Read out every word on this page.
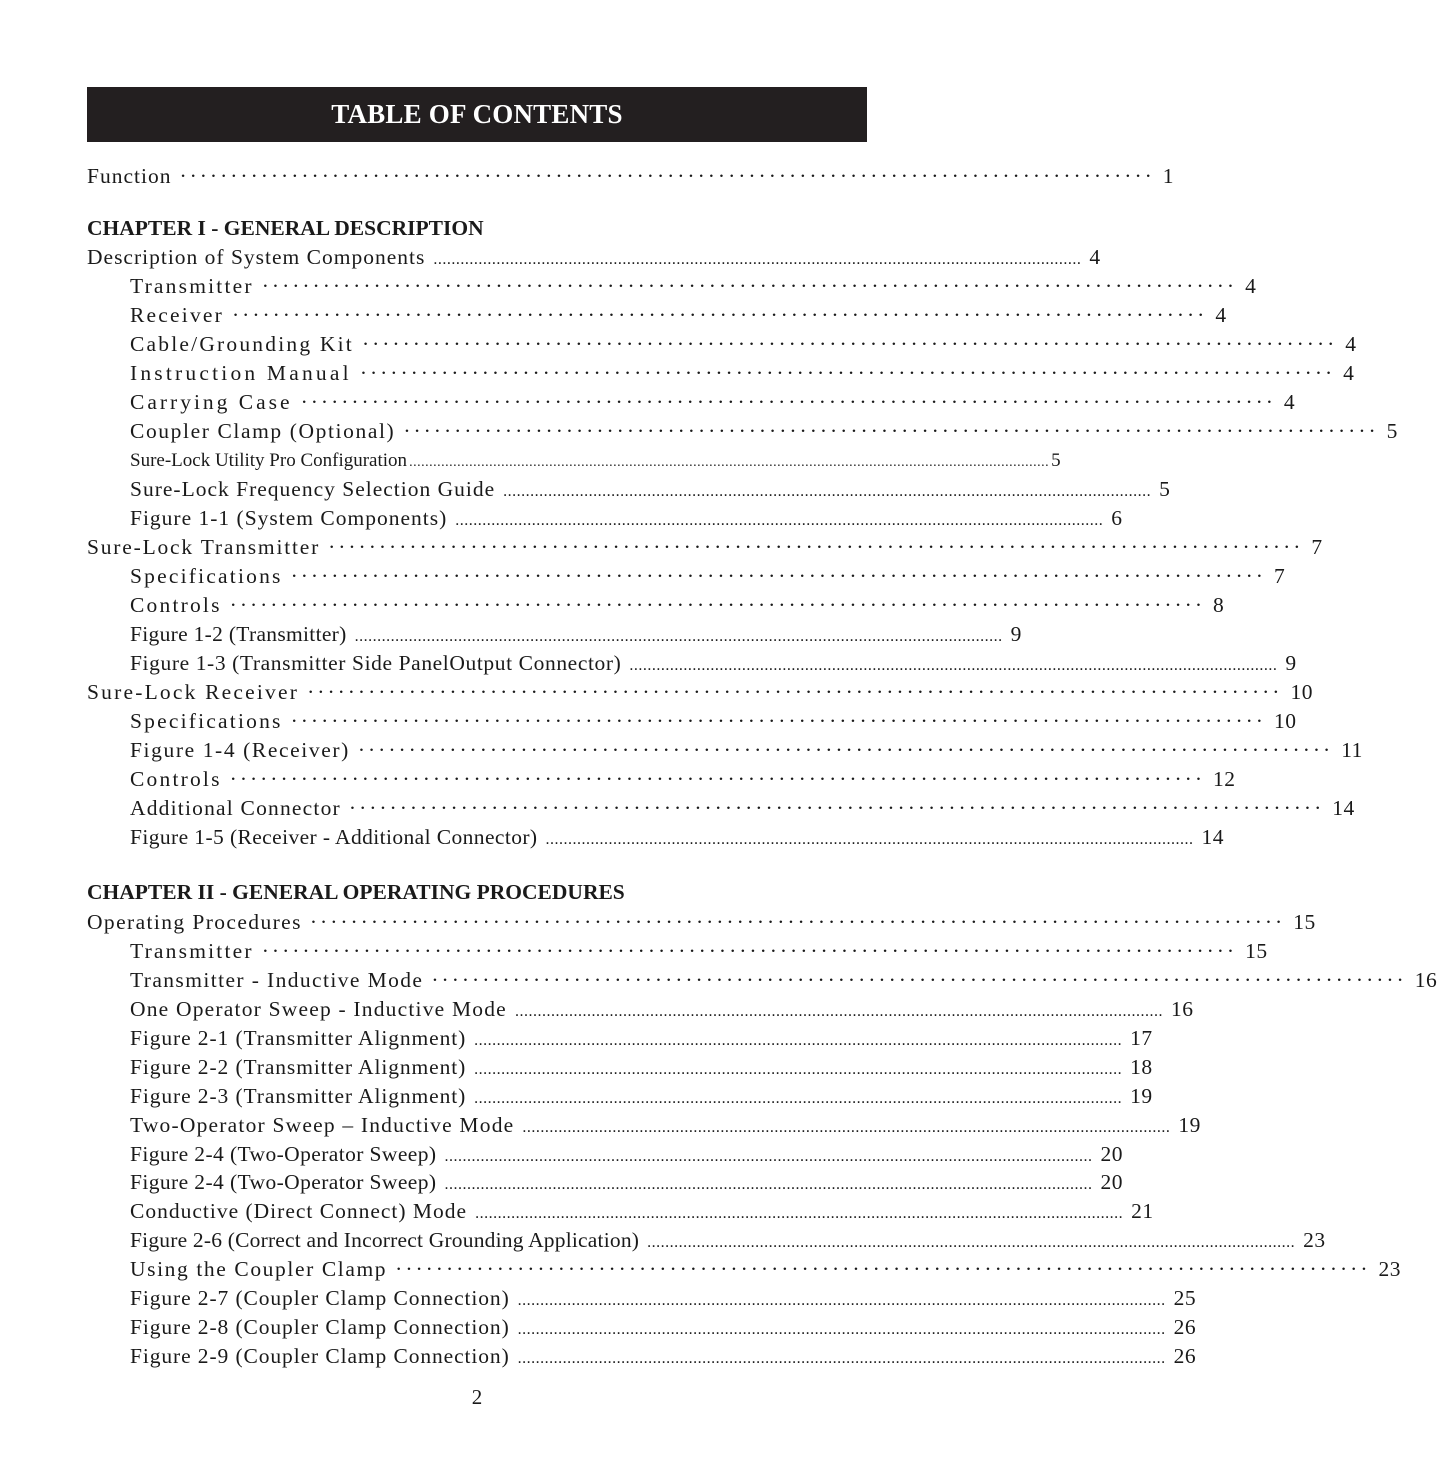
TABLE OF CONTENTS
Function ································································································ 1
CHAPTER I - GENERAL DESCRIPTION
Description of System Components ................................................................................................................................................ 4
Transmitter ································································································ 4
Receiver ································································································ 4
Cable/Grounding Kit ································································································ 4
Instruction Manual ································································································ 4
Carrying Case ································································································ 4
Coupler Clamp (Optional) ································································································ 5
Sure-Lock Utility Pro Configuration ................................................................................................................................................................ 5
Sure-Lock Frequency Selection Guide ................................................................................................................................................ 5
Figure 1-1 (System Components) ................................................................................................................................................ 6
Sure-Lock Transmitter ································································································ 7
Specifications ································································································ 7
Controls ································································································ 8
Figure 1-2 (Transmitter) ................................................................................................................................................ 9
Figure 1-3 (Transmitter Side PanelOutput Connector) ................................................................................................................................................ 9
Sure-Lock Receiver ································································································ 10
Specifications ································································································ 10
Figure 1-4 (Receiver) ································································································ 11
Controls ································································································ 12
Additional Connector ································································································ 14
Figure 1-5 (Receiver - Additional Connector) ................................................................................................................................................ 14
CHAPTER II - GENERAL OPERATING PROCEDURES
Operating Procedures ································································································ 15
Transmitter ································································································ 15
Transmitter - Inductive Mode ································································································ 16
One Operator Sweep - Inductive Mode ................................................................................................................................................ 16
Figure 2-1 (Transmitter Alignment) ................................................................................................................................................ 17
Figure 2-2 (Transmitter Alignment) ................................................................................................................................................ 18
Figure 2-3 (Transmitter Alignment) ................................................................................................................................................ 19
Two-Operator Sweep – Inductive Mode ................................................................................................................................................ 19
Figure 2-4 (Two-Operator Sweep) ................................................................................................................................................ 20
Figure 2-4 (Two-Operator Sweep) ................................................................................................................................................ 20
Conductive (Direct Connect) Mode ................................................................................................................................................ 21
Figure 2-6 (Correct and Incorrect Grounding Application) ................................................................................................................................................ 23
Using the Coupler Clamp ································································································ 23
Figure 2-7 (Coupler Clamp Connection) ................................................................................................................................................ 25
Figure 2-8 (Coupler Clamp Connection) ................................................................................................................................................ 26
Figure 2-9 (Coupler Clamp Connection) ................................................................................................................................................ 26
2
